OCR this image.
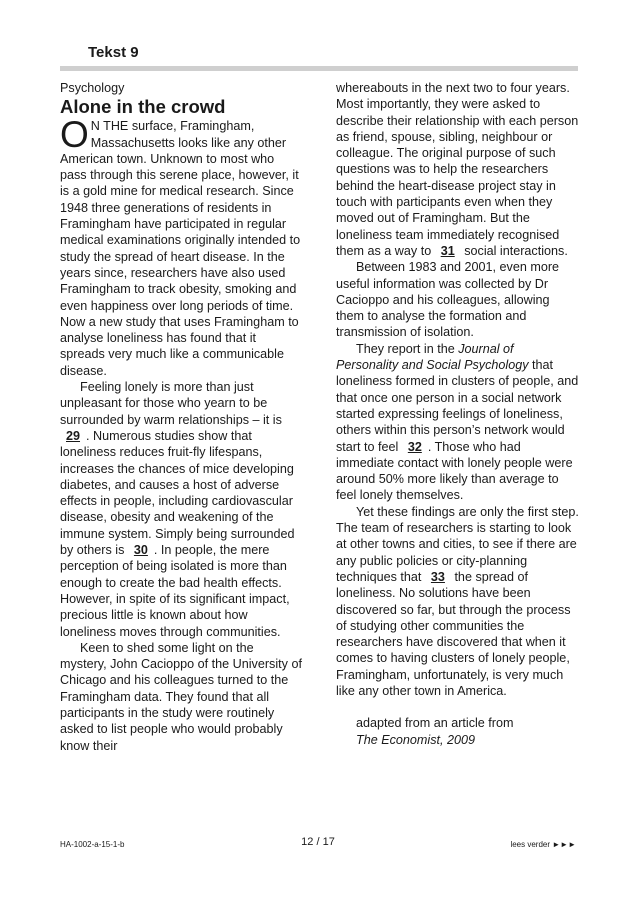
Tekst 9

Psychology

Alone in the crowd

O N THE surface, Framingham, Massachusetts looks like any other American town. Unknown to most who pass through this serene place, however, it is a gold mine for medical research. Since 1948 three generations of residents in Framingham have participated in regular medical examinations originally intended to study the spread of heart disease. In the years since, researchers have also used Framingham to track obesity, smoking and even happiness over long periods of time. Now a new study that uses Framingham to analyse loneliness has found that it spreads very much like a communicable disease.

Feeling lonely is more than just unpleasant for those who yearn to be surrounded by warm relationships – it is 29 . Numerous studies show that loneliness reduces fruit-fly lifespans, increases the chances of mice developing diabetes, and causes a host of adverse effects in people, including cardiovascular disease, obesity and weakening of the immune system. Simply being surrounded by others is 30 . In people, the mere perception of being isolated is more than enough to create the bad health effects. However, in spite of its significant impact, precious little is known about how loneliness moves through communities.

Keen to shed some light on the mystery, John Cacioppo of the University of Chicago and his colleagues turned to the Framingham data. They found that all participants in the study were routinely asked to list people who would probably know their

whereabouts in the next two to four years. Most importantly, they were asked to describe their relationship with each person as friend, spouse, sibling, neighbour or colleague. The original purpose of such questions was to help the researchers behind the heart-disease project stay in touch with participants even when they moved out of Framingham. But the loneliness team immediately recognised them as a way to 31 social interactions.

Between 1983 and 2001, even more useful information was collected by Dr Cacioppo and his colleagues, allowing them to analyse the formation and transmission of isolation.

They report in the Journal of Personality and Social Psychology that loneliness formed in clusters of people, and that once one person in a social network started expressing feelings of loneliness, others within this person’s network would start to feel 32 . Those who had immediate contact with lonely people were around 50% more likely than average to feel lonely themselves.

Yet these findings are only the first step. The team of researchers is starting to look at other towns and cities, to see if there are any public policies or city-planning techniques that 33 the spread of loneliness. No solutions have been discovered so far, but through the process of studying other communities the researchers have discovered that when it comes to having clusters of lonely people, Framingham, unfortunately, is very much like any other town in America.

adapted from an article from

The Economist, 2009

HA-1002-a-15-1-b	12 / 17	lees verder ►►►
